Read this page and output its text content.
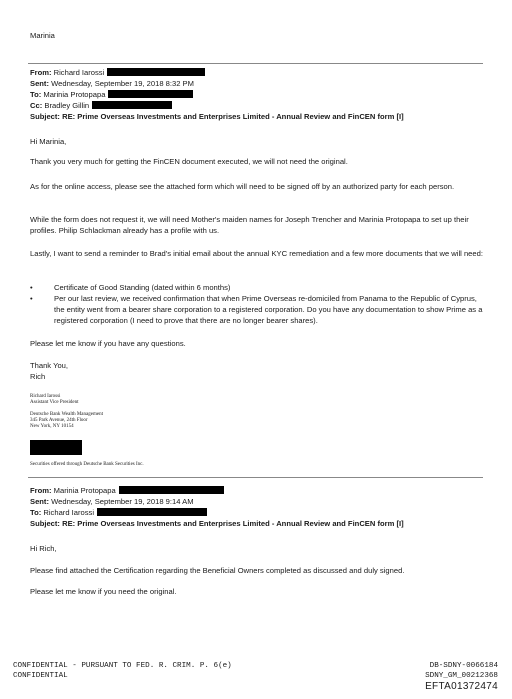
Marinia
From: Richard Iarossi
Sent: Wednesday, September 19, 2018 8:32 PM
To: Marinia Protopapa
Cc: Bradley Gillin
Subject: RE: Prime Overseas Investments and Enterprises Limited - Annual Review and FinCEN form [I]
Hi Marinia,
Thank you very much for getting the FinCEN document executed, we will not need the original.
As for the online access, please see the attached form which will need to be signed off by an authorized party for each person.
While the form does not request it, we will need Mother's maiden names for Joseph Trencher and Marinia Protopapa to set up their profiles. Philip Schlackman already has a profile with us.
Lastly, I want to send a reminder to Brad's initial email about the annual KYC remediation and a few more documents that we will need:
•	Certificate of Good Standing (dated within 6 months)
•	Per our last review, we received confirmation that when Prime Overseas re-domiciled from Panama to the Republic of Cyprus, the entity went from a bearer share corporation to a registered corporation. Do you have any documentation to show Prime as a registered corporation (I need to prove that there are no longer bearer shares).
Please let me know if you have any questions.
Thank You,
Rich
Richard Iarossi
Assistant Vice President
Deutsche Bank Wealth Management
345 Park Avenue, 24th Floor
New York, NY 10154
Securities offered through Deutsche Bank Securities Inc.
From: Marinia Protopapa
Sent: Wednesday, September 19, 2018 9:14 AM
To: Richard Iarossi
Subject: RE: Prime Overseas Investments and Enterprises Limited - Annual Review and FinCEN form [I]
Hi Rich,
Please find attached the Certification regarding the Beneficial Owners completed as discussed and duly signed.
Please let me know if you need the original.
CONFIDENTIAL - PURSUANT TO FED. R. CRIM. P. 6(e)
CONFIDENTIAL
DB-SDNY-0066184
SDNY_GM_00212368
EFTA01372474
